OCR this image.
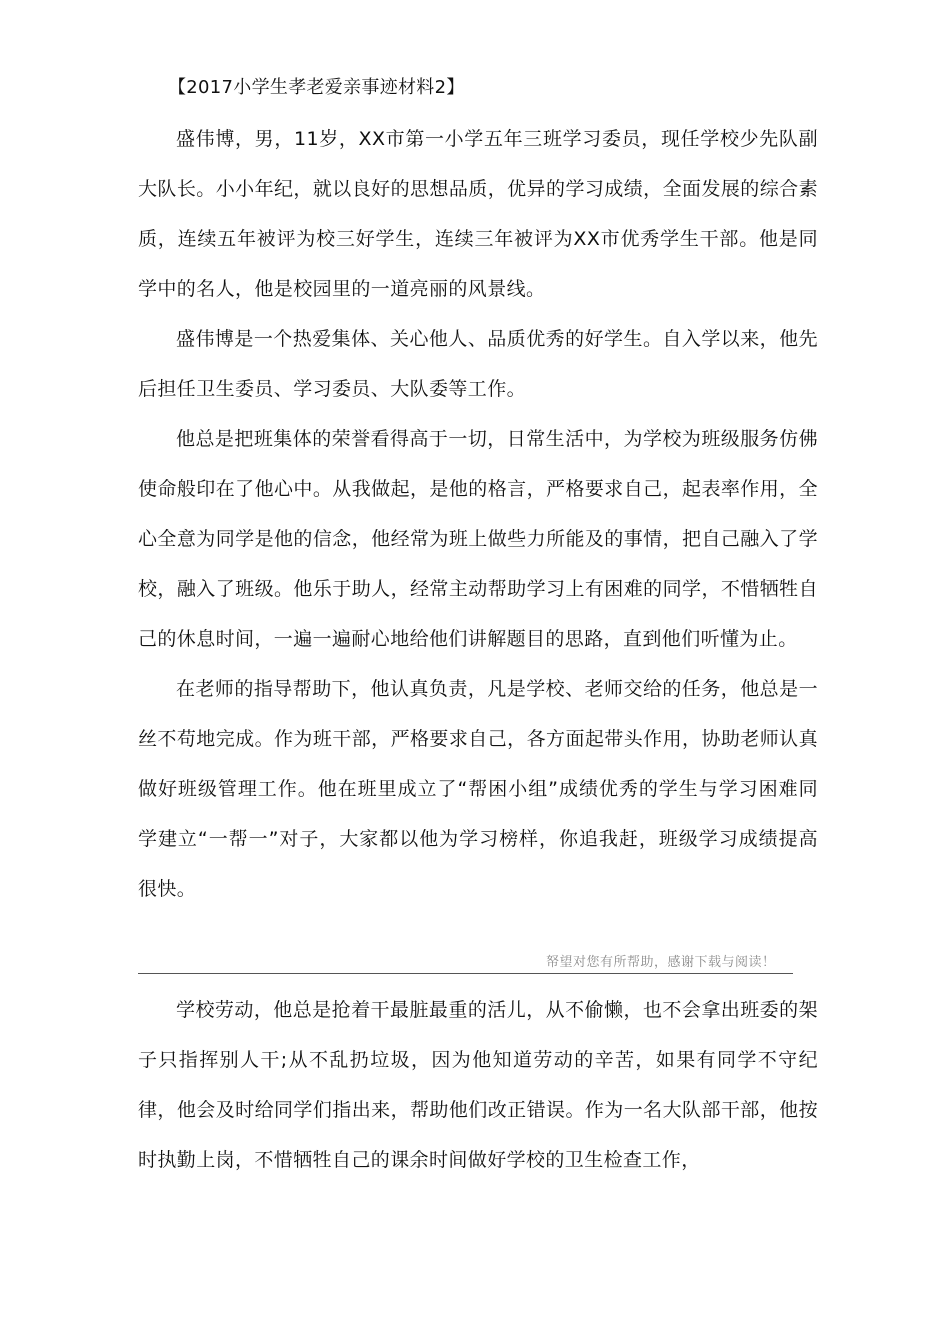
【2017小学生孝老爱亲事迹材料2】

盛伟博，男，11岁，XX市第一小学五年三班学习委员，现任学校少先队副大队长。小小年纪，就以良好的思想品质，优异的学习成绩，全面发展的综合素质，连续五年被评为校三好学生，连续三年被评为XX市优秀学生干部。他是同学中的名人，他是校园里的一道亮丽的风景线。

盛伟博是一个热爱集体、关心他人、品质优秀的好学生。自入学以来，他先后担任卫生委员、学习委员、大队委等工作。

他总是把班集体的荣誉看得高于一切，日常生活中，为学校为班级服务仿佛使命般印在了他心中。从我做起，是他的格言，严格要求自己，起表率作用，全心全意为同学是他的信念，他经常为班上做些力所能及的事情，把自己融入了学校，融入了班级。他乐于助人，经常主动帮助学习上有困难的同学，不惜牺牲自己的休息时间，一遍一遍耐心地给他们讲解题目的思路，直到他们听懂为止。

在老师的指导帮助下，他认真负责，凡是学校、老师交给的任务，他总是一丝不苟地完成。作为班干部，严格要求自己，各方面起带头作用，协助老师认真做好班级管理工作。他在班里成立了“帮困小组”成绩优秀的学生与学习困难同学建立“一帮一”对子，大家都以他为学习榜样，你追我赶，班级学习成绩提高很快。

帑望对您有所帮助，感谢下载与阅读！

学校劳动，他总是抢着干最脏最重的活儿，从不偷懒，也不会拿出班委的架子只指挥别人干;从不乱扔垃圾，因为他知道劳动的辛苦，如果有同学不守纪律，他会及时给同学们指出来，帮助他们改正错误。作为一名大队部干部，他按时执勤上岗，不惜牺牲自己的课余时间做好学校的卫生检查工作，
